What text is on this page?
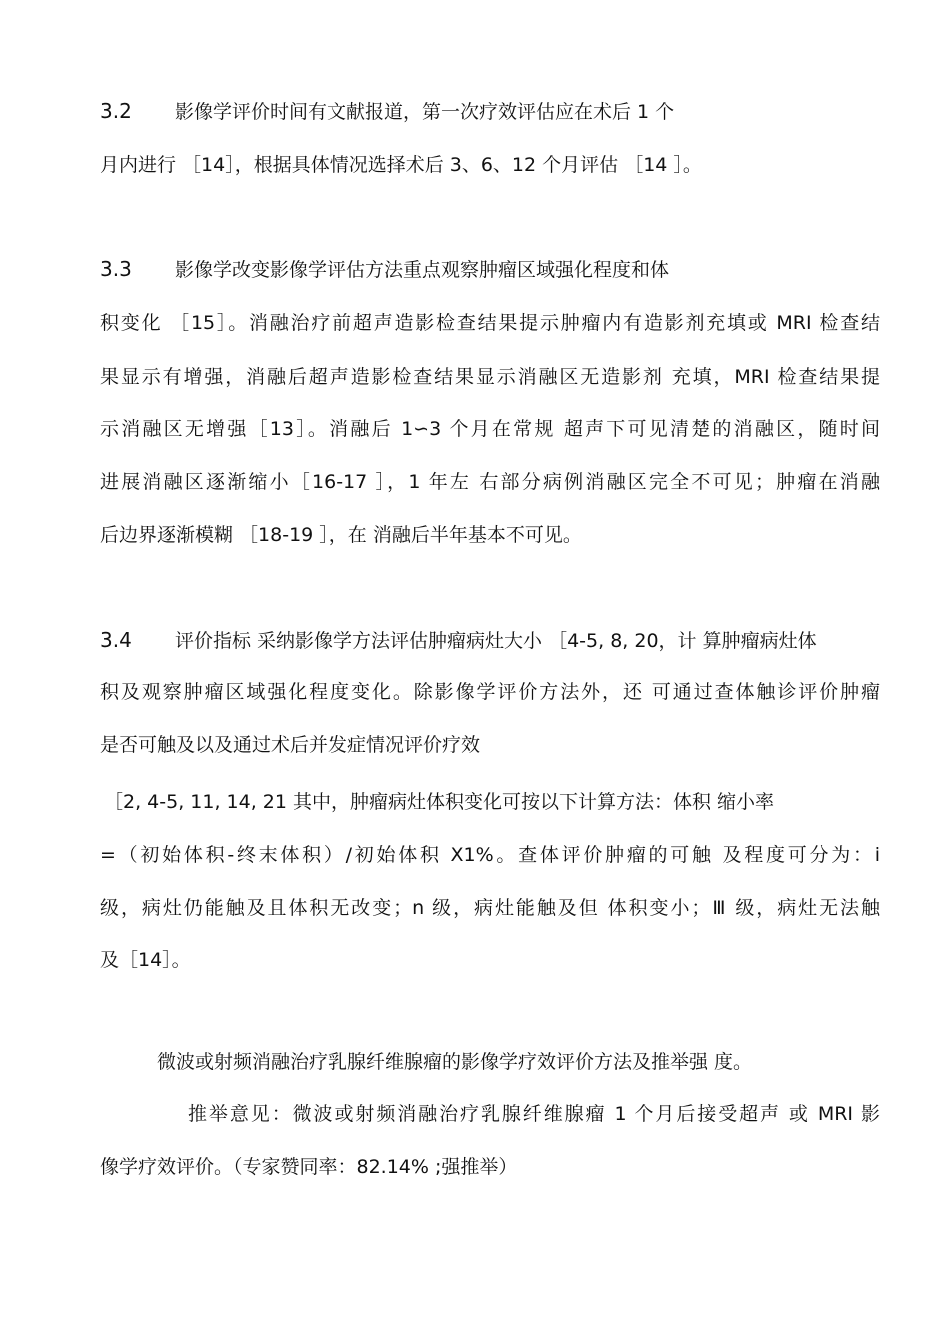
3.2 影像学评价时间有文献报道，第一次疗效评估应在术后 1 个
月内进行 ［14］，根据具体情况选择术后 3、6、12 个月评估 ［14 ］。
3.3 影像学改变影像学评估方法重点观察肿瘤区域强化程度和体
积变化 ［15］。消融治疗前超声造影检查结果提示肿瘤内有造影剂充填或 MRI 检查结
果显示有增强，消融后超声造影检查结果显示消融区无造影剂 充填，MRI 检查结果提
示消融区无增强［13］。消融后 1∽3 个月在常规 超声下可见清楚的消融区，随时间
进展消融区逐渐缩小［16-17 ］，1 年左 右部分病例消融区完全不可见；肿瘤在消融
后边界逐渐模糊 ［18-19 ］，在 消融后半年基本不可见。
3.4 评价指标 采纳影像学方法评估肿瘤病灶大小 ［4-5, 8, 20，计 算肿瘤病灶体
积及观察肿瘤区域强化程度变化。除影像学评价方法外，还 可通过查体触诊评价肿瘤
是否可触及以及通过术后并发症情况评价疗效
［2, 4-5, 11, 14, 21 其中，肿瘤病灶体积变化可按以下计算方法：体积 缩小率
=（初始体积-终末体积）/初始体积 X1%。查体评价肿瘤的可触 及程度可分为：i
级，病灶仍能触及且体积无改变；n 级，病灶能触及但 体积变小；Ⅲ 级，病灶无法触
及［14］。
微波或射频消融治疗乳腺纤维腺瘤的影像学疗效评价方法及推举强 度。
推举意见：微波或射频消融治疗乳腺纤维腺瘤 1 个月后接受超声 或 MRI 影
像学疗效评价。（专家赞同率：82.14% ;强推举）
